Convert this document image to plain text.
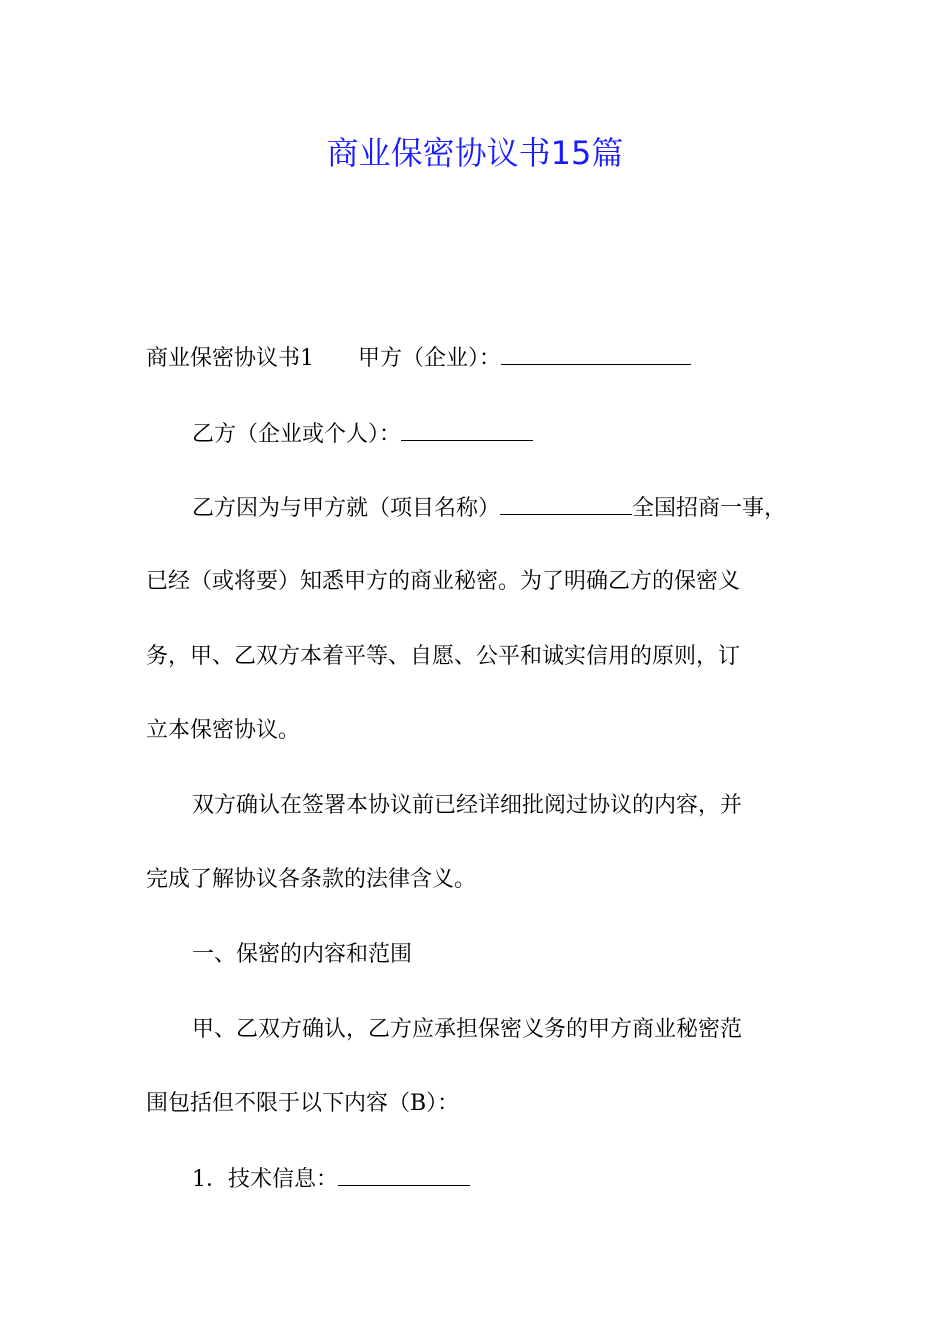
商业保密协议书15篇

商业保密协议书1 甲方（企业）：

乙方（企业或个人）：

乙方因为与甲方就（项目名称）	全国招商一事，

已经（或将要）知悉甲方的商业秘密。为了明确乙方的保密义

务，甲、乙双方本着平等、自愿、公平和诚实信用的原则，订

立本保密协议。

双方确认在签署本协议前已经详细批阅过协议的内容，并

完成了解协议各条款的法律含义。

一、保密的内容和范围

甲、乙双方确认，乙方应承担保密义务的甲方商业秘密范

围包括但不限于以下内容（B）：

1．技术信息：
